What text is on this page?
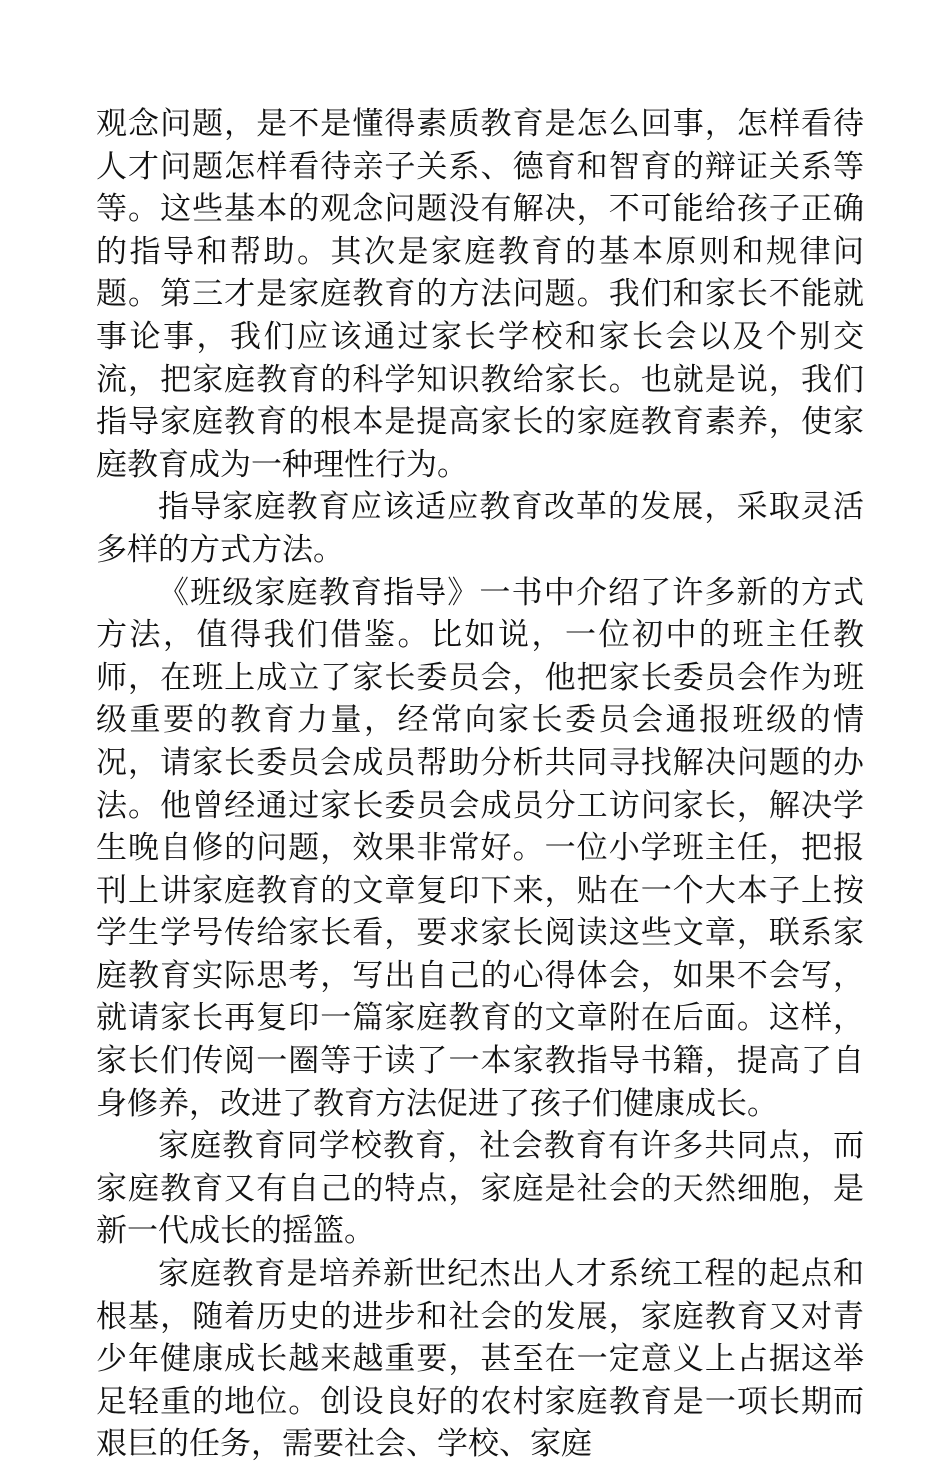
观念问题，是不是懂得素质教育是怎么回事，怎样看待人才问题怎样看待亲子关系、德育和智育的辩证关系等等。这些基本的观念问题没有解决，不可能给孩子正确的指导和帮助。其次是家庭教育的基本原则和规律问题。第三才是家庭教育的方法问题。我们和家长不能就事论事，我们应该通过家长学校和家长会以及个别交流，把家庭教育的科学知识教给家长。也就是说，我们指导家庭教育的根本是提高家长的家庭教育素养，使家庭教育成为一种理性行为。

指导家庭教育应该适应教育改革的发展，采取灵活多样的方式方法。

《班级家庭教育指导》一书中介绍了许多新的方式方法，值得我们借鉴。比如说，一位初中的班主任教师，在班上成立了家长委员会，他把家长委员会作为班级重要的教育力量，经常向家长委员会通报班级的情况，请家长委员会成员帮助分析共同寻找解决问题的办法。他曾经通过家长委员会成员分工访问家长，解决学生晚自修的问题，效果非常好。一位小学班主任，把报刊上讲家庭教育的文章复印下来，贴在一个大本子上按学生学号传给家长看，要求家长阅读这些文章，联系家庭教育实际思考，写出自己的心得体会，如果不会写，就请家长再复印一篇家庭教育的文章附在后面。这样，家长们传阅一圈等于读了一本家教指导书籍，提高了自身修养，改进了教育方法促进了孩子们健康成长。

家庭教育同学校教育，社会教育有许多共同点，而家庭教育又有自己的特点，家庭是社会的天然细胞，是新一代成长的摇篮。

家庭教育是培养新世纪杰出人才系统工程的起点和根基，随着历史的进步和社会的发展，家庭教育又对青少年健康成长越来越重要，甚至在一定意义上占据这举足轻重的地位。创设良好的农村家庭教育是一项长期而艰巨的任务，需要社会、学校、家庭
